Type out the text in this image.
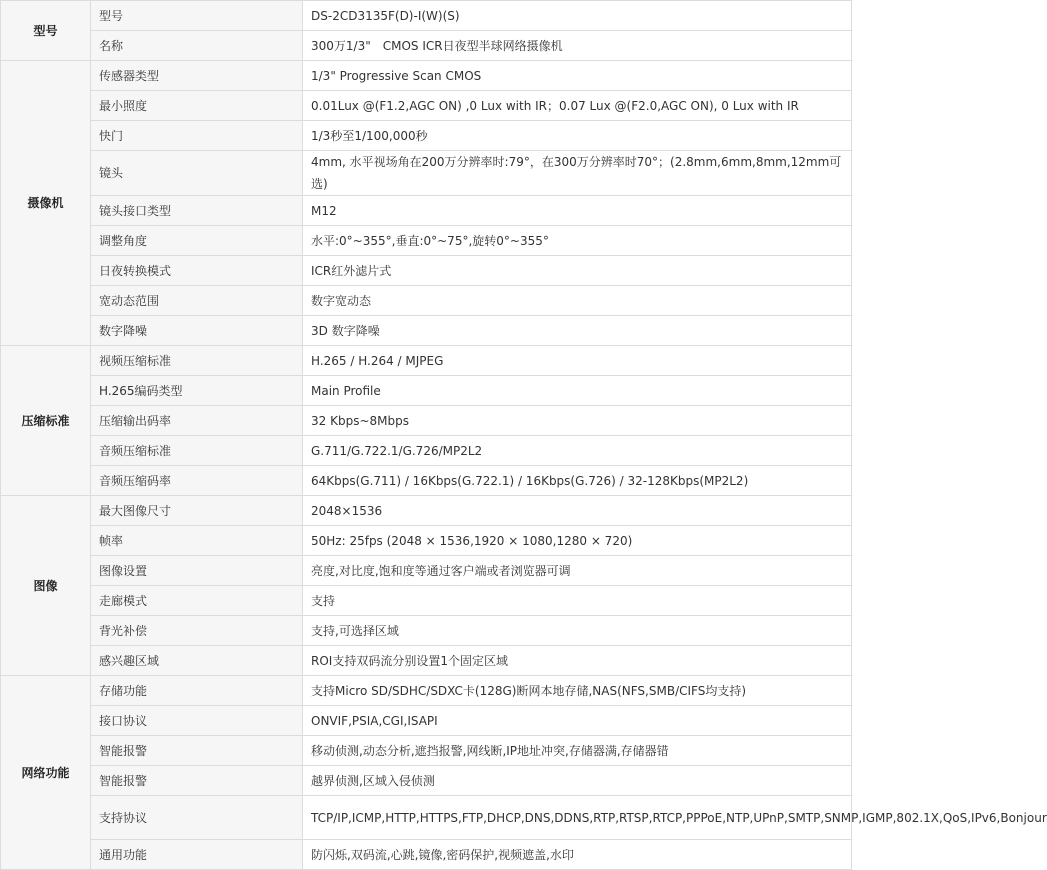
型号	型号	DS-2CD3135F(D)-I(W)(S)
	名称	300万1/3"　CMOS ICR日夜型半球网络摄像机
摄像机	传感器类型	1/3" Progressive Scan CMOS
	最小照度	0.01Lux @(F1.2,AGC ON) ,0 Lux with IR；0.07 Lux @(F2.0,AGC ON), 0 Lux with IR
	快门	1/3秒至1/100,000秒
	镜头	4mm, 水平视场角在200万分辨率时:79°，在300万分辨率时70°；(2.8mm,6mm,8mm,12mm可选)
	镜头接口类型	M12
	调整角度	水平:0°~355°,垂直:0°~75°,旋转0°~355°
	日夜转换模式	ICR红外滤片式
	宽动态范围	数字宽动态
	数字降噪	3D 数字降噪
压缩标准	视频压缩标准	H.265 / H.264 / MJPEG
	H.265编码类型	Main Profile
	压缩输出码率	32 Kbps~8Mbps
	音频压缩标准	G.711/G.722.1/G.726/MP2L2
	音频压缩码率	64Kbps(G.711) / 16Kbps(G.722.1) / 16Kbps(G.726) / 32-128Kbps(MP2L2)
图像	最大图像尺寸	2048×1536
	帧率	50Hz: 25fps (2048 × 1536,1920 × 1080,1280 × 720)
	图像设置	亮度,对比度,饱和度等通过客户端或者浏览器可调
	走廊模式	支持
	背光补偿	支持,可选择区域
	感兴趣区域	ROI支持双码流分别设置1个固定区域
网络功能	存储功能	支持Micro SD/SDHC/SDXC卡(128G)断网本地存储,NAS(NFS,SMB/CIFS均支持)
	接口协议	ONVIF,PSIA,CGI,ISAPI
	智能报警	移动侦测,动态分析,遮挡报警,网线断,IP地址冲突,存储器满,存储器错
	智能报警	越界侦测,区域入侵侦测
	支持协议	TCP/IP,ICMP,HTTP,HTTPS,FTP,DHCP,DNS,DDNS,RTP,RTSP,RTCP,PPPoE,NTP,UPnP,SMTP,SNMP,IGMP,802.1X,QoS,IPv6,Bonjour
	通用功能	防闪烁,双码流,心跳,镜像,密码保护,视频遮盖,水印
